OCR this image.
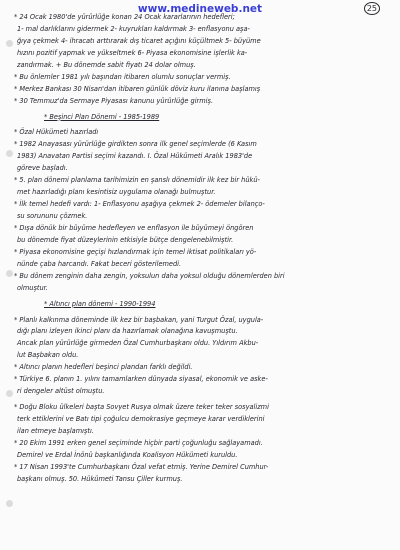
www.medineweb.net	25
* 24 Ocak 1980'de yürürlüğe konan 24 Ocak kararlarının hedefleri;
1- mal darlıklarını gidermek 2- kuyrukları kaldırmak 3- enflasyonu aşa-
ğıya çekmek 4- ihracatı arttırarak dış ticaret açığını küçültmek 5- büyüme
hızını pozitif yapmak ve yükseltmek 6- Piyasa ekonomisine işlerlik ka-
zandırmak. + Bu dönemde sabit fiyatı 24 dolar olmuş.
* Bu önlemler 1981 yılı başından itibaren olumlu sonuçlar vermiş.
* Merkez Bankası 30 Nisan'dan itibaren günlük döviz kuru ilanına başlamış
* 30 Temmuz'da Sermaye Piyasası kanunu yürürlüğe girmiş.
* Beşinci Plan Dönemi - 1985-1989
* Özal Hükümeti hazırladı
* 1982 Anayasası yürürlüğe girdikten sonra ilk genel seçimlerde (6 Kasım
1983) Anavatan Partisi seçimi kazandı. I. Özal Hükümeti Aralık 1983'de
göreve başladı.
* 5. plan dönemi planlama tarihimizin en şanslı dönemidir ilk kez bir hükü-
met hazırladığı planı kesintisiz uygulama olanağı bulmuştur.
* İlk temel hedefi vardı: 1- Enflasyonu aşağıya çekmek 2- ödemeler bilanço-
su sorununu çözmek.
* Dışa dönük bir büyüme hedefleyen ve enflasyon ile büyümeyi öngören
bu dönemde fiyat düzeylerinin etkisiyle bütçe dengelenebilmiştir.
* Piyasa ekonomisine geçişi hızlandırmak için temel iktisat politikaları yö-
nünde çaba harcandı. Fakat beceri gösterilemedi.
* Bu dönem zenginin daha zengin, yoksulun daha yoksul olduğu dönemlerden biri
olmuştur.
* Altıncı plan dönemi - 1990-1994
* Planlı kalkınma döneminde ilk kez bir başbakan, yani Turgut Özal, uygula-
dığı planı izleyen ikinci planı da hazırlamak olanağına kavuşmuştu.
Ancak plan yürürlüğe girmeden Özal Cumhurbaşkanı oldu. Yıldırım Akbu-
lut Başbakan oldu.
* Altıncı planın hedefleri beşinci plandan farklı değildi.
* Türkiye 6. planın 1. yılını tamamlarken dünyada siyasal, ekonomik ve aske-
ri dengeler altüst olmuştu.
* Doğu Bloku ülkeleri başta Sovyet Rusya olmak üzere teker teker sosyalizmi
terk ettiklerini ve Batı tipi çoğulcu demokrasiye geçmeye karar verdiklerini
ilan etmeye başlamıştı.
* 20 Ekim 1991 erken genel seçiminde hiçbir parti çoğunluğu sağlayamadı.
Demirel ve Erdal İnönü başkanlığında Koalisyon Hükümeti kuruldu.
* 17 Nisan 1993'te Cumhurbaşkanı Özal vefat etmiş. Yerine Demirel Cumhur-
başkanı olmuş. 50. Hükümeti Tansu Çiller kurmuş.
